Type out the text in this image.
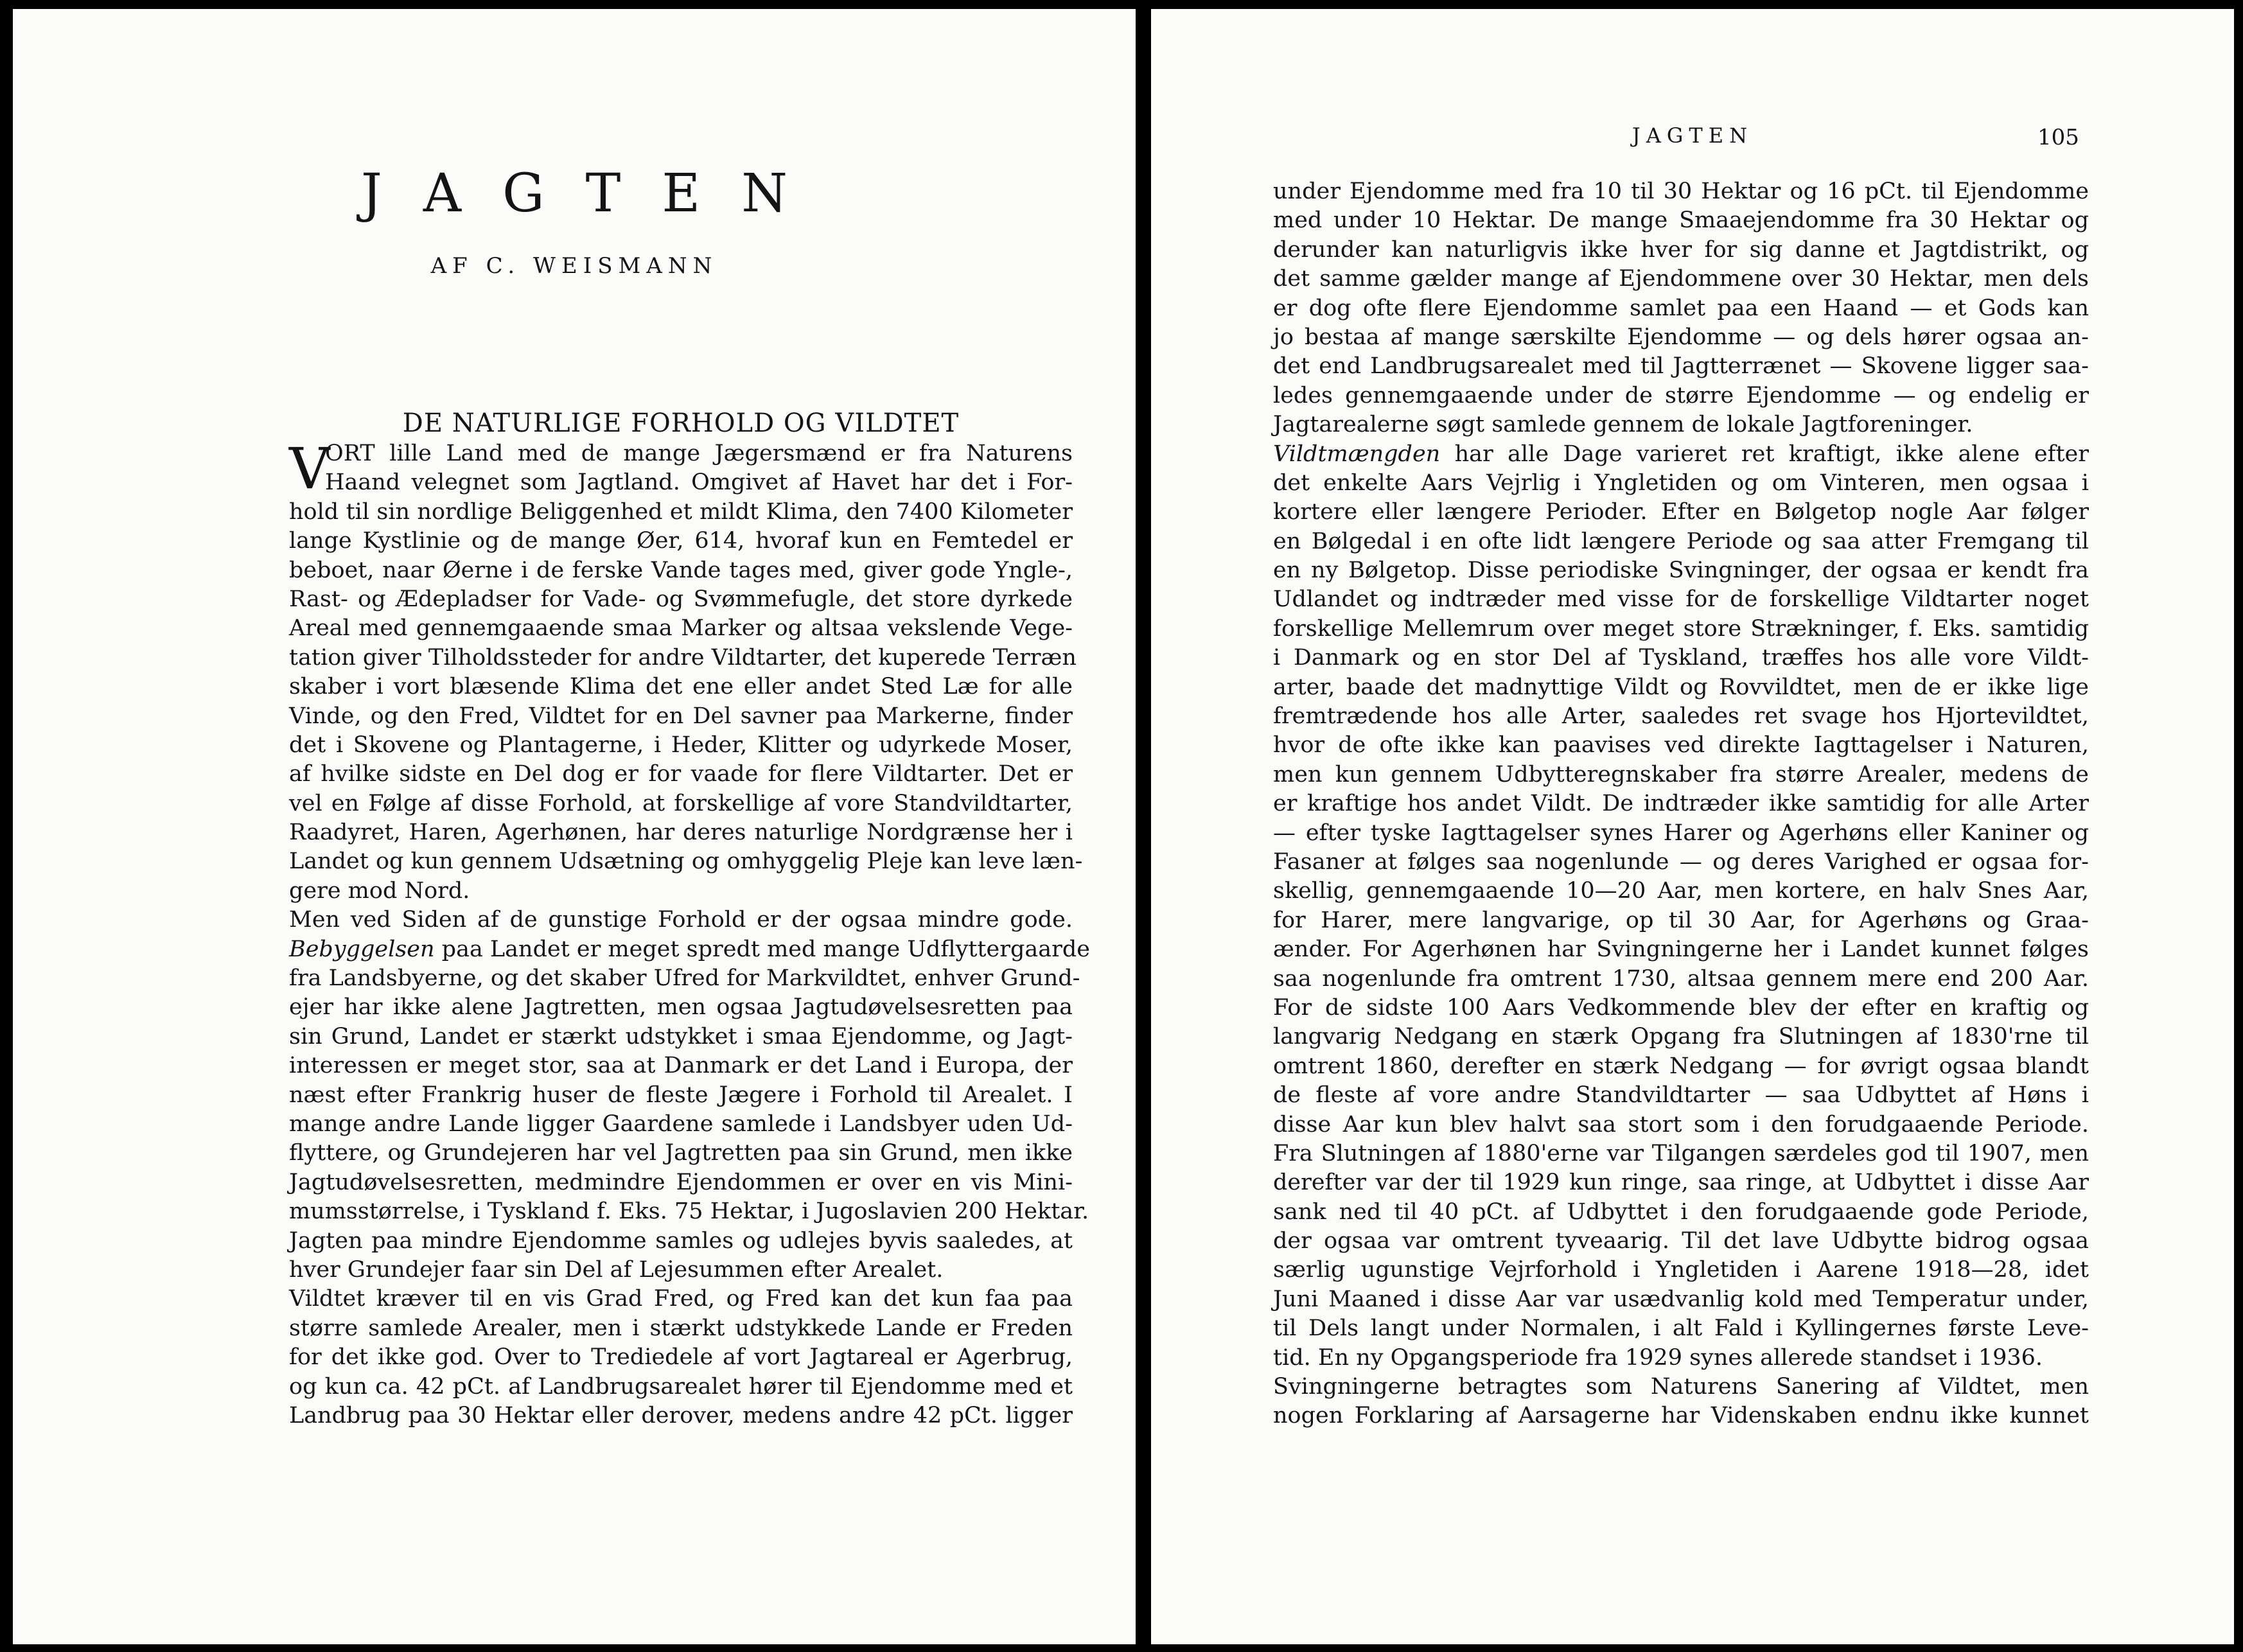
JAGTEN
AF C. WEISMANN
DE NATURLIGE FORHOLD OG VILDTET
V
ORT lille Land med de mange Jægersmænd er fra Naturens
Haand velegnet som Jagtland. Omgivet af Havet har det i For-
hold til sin nordlige Beliggenhed et mildt Klima, den 7400 Kilometer
lange Kystlinie og de mange Øer, 614, hvoraf kun en Femtedel er
beboet, naar Øerne i de ferske Vande tages med, giver gode Yngle-,
Rast- og Ædepladser for Vade- og Svømmefugle, det store dyrkede
Areal med gennemgaaende smaa Marker og altsaa vekslende Vege-
tation giver Tilholdssteder for andre Vildtarter, det kuperede Terræn
skaber i vort blæsende Klima det ene eller andet Sted Læ for alle
Vinde, og den Fred, Vildtet for en Del savner paa Markerne, finder
det i Skovene og Plantagerne, i Heder, Klitter og udyrkede Moser,
af hvilke sidste en Del dog er for vaade for flere Vildtarter. Det er
vel en Følge af disse Forhold, at forskellige af vore Standvildtarter,
Raadyret, Haren, Agerhønen, har deres naturlige Nordgrænse her i
Landet og kun gennem Udsætning og omhyggelig Pleje kan leve læn-
gere mod Nord.
Men ved Siden af de gunstige Forhold er der ogsaa mindre gode.
Bebyggelsen paa Landet er meget spredt med mange Udflyttergaarde
fra Landsbyerne, og det skaber Ufred for Markvildtet, enhver Grund-
ejer har ikke alene Jagtretten, men ogsaa Jagtudøvelsesretten paa
sin Grund, Landet er stærkt udstykket i smaa Ejendomme, og Jagt-
interessen er meget stor, saa at Danmark er det Land i Europa, der
næst efter Frankrig huser de fleste Jægere i Forhold til Arealet. I
mange andre Lande ligger Gaardene samlede i Landsbyer uden Ud-
flyttere, og Grundejeren har vel Jagtretten paa sin Grund, men ikke
Jagtudøvelsesretten, medmindre Ejendommen er over en vis Mini-
mumsstørrelse, i Tyskland f. Eks. 75 Hektar, i Jugoslavien 200 Hektar.
Jagten paa mindre Ejendomme samles og udlejes byvis saaledes, at
hver Grundejer faar sin Del af Lejesummen efter Arealet.
Vildtet kræver til en vis Grad Fred, og Fred kan det kun faa paa
større samlede Arealer, men i stærkt udstykkede Lande er Freden
for det ikke god. Over to Trediedele af vort Jagtareal er Agerbrug,
og kun ca. 42 pCt. af Landbrugsarealet hører til Ejendomme med et
Landbrug paa 30 Hektar eller derover, medens andre 42 pCt. ligger
JAGTEN	105
under Ejendomme med fra 10 til 30 Hektar og 16 pCt. til Ejendomme
med under 10 Hektar. De mange Smaaejendomme fra 30 Hektar og
derunder kan naturligvis ikke hver for sig danne et Jagtdistrikt, og
det samme gælder mange af Ejendommene over 30 Hektar, men dels
er dog ofte flere Ejendomme samlet paa een Haand — et Gods kan
jo bestaa af mange særskilte Ejendomme — og dels hører ogsaa an-
det end Landbrugsarealet med til Jagtterrænet — Skovene ligger saa-
ledes gennemgaaende under de større Ejendomme — og endelig er
Jagtarealerne søgt samlede gennem de lokale Jagtforeninger.
Vildtmængden har alle Dage varieret ret kraftigt, ikke alene efter
det enkelte Aars Vejrlig i Yngletiden og om Vinteren, men ogsaa i
kortere eller længere Perioder. Efter en Bølgetop nogle Aar følger
en Bølgedal i en ofte lidt længere Periode og saa atter Fremgang til
en ny Bølgetop. Disse periodiske Svingninger, der ogsaa er kendt fra
Udlandet og indtræder med visse for de forskellige Vildtarter noget
forskellige Mellemrum over meget store Strækninger, f. Eks. samtidig
i Danmark og en stor Del af Tyskland, træffes hos alle vore Vildt-
arter, baade det madnyttige Vildt og Rovvildtet, men de er ikke lige
fremtrædende hos alle Arter, saaledes ret svage hos Hjortevildtet,
hvor de ofte ikke kan paavises ved direkte Iagttagelser i Naturen,
men kun gennem Udbytteregnskaber fra større Arealer, medens de
er kraftige hos andet Vildt. De indtræder ikke samtidig for alle Arter
— efter tyske Iagttagelser synes Harer og Agerhøns eller Kaniner og
Fasaner at følges saa nogenlunde — og deres Varighed er ogsaa for-
skellig, gennemgaaende 10—20 Aar, men kortere, en halv Snes Aar,
for Harer, mere langvarige, op til 30 Aar, for Agerhøns og Graa-
ænder. For Agerhønen har Svingningerne her i Landet kunnet følges
saa nogenlunde fra omtrent 1730, altsaa gennem mere end 200 Aar.
For de sidste 100 Aars Vedkommende blev der efter en kraftig og
langvarig Nedgang en stærk Opgang fra Slutningen af 1830'rne til
omtrent 1860, derefter en stærk Nedgang — for øvrigt ogsaa blandt
de fleste af vore andre Standvildtarter — saa Udbyttet af Høns i
disse Aar kun blev halvt saa stort som i den forudgaaende Periode.
Fra Slutningen af 1880'erne var Tilgangen særdeles god til 1907, men
derefter var der til 1929 kun ringe, saa ringe, at Udbyttet i disse Aar
sank ned til 40 pCt. af Udbyttet i den forudgaaende gode Periode,
der ogsaa var omtrent tyveaarig. Til det lave Udbytte bidrog ogsaa
særlig ugunstige Vejrforhold i Yngletiden i Aarene 1918—28, idet
Juni Maaned i disse Aar var usædvanlig kold med Temperatur under,
til Dels langt under Normalen, i alt Fald i Kyllingernes første Leve-
tid. En ny Opgangsperiode fra 1929 synes allerede standset i 1936.
Svingningerne betragtes som Naturens Sanering af Vildtet, men
nogen Forklaring af Aarsagerne har Videnskaben endnu ikke kunnet
